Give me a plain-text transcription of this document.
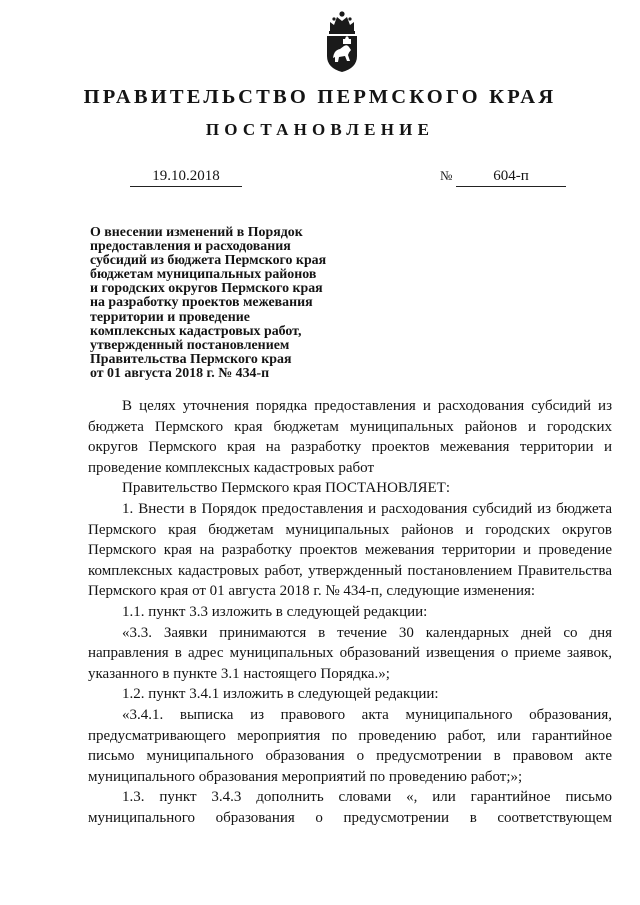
ПРАВИТЕЛЬСТВО ПЕРМСКОГО КРАЯ
ПОСТАНОВЛЕНИЕ
19.10.2018	№	604-п
О внесении изменений в Порядок
предоставления и расходования
субсидий из бюджета Пермского края
бюджетам муниципальных районов
и городских округов Пермского края
на разработку проектов межевания
территории и проведение
комплексных кадастровых работ,
утвержденный постановлением
Правительства Пермского края
от 01 августа 2018 г. № 434-п

В целях уточнения порядка предоставления и расходования субсидий из бюджета Пермского края бюджетам муниципальных районов и городских округов Пермского края на разработку проектов межевания территории и проведение комплексных кадастровых работ

Правительство Пермского края ПОСТАНОВЛЯЕТ:

1. Внести в Порядок предоставления и расходования субсидий из бюджета Пермского края бюджетам муниципальных районов и городских округов Пермского края на разработку проектов межевания территории и проведение комплексных кадастровых работ, утвержденный постановлением Правительства Пермского края от 01 августа 2018 г. № 434-п, следующие изменения:

1.1. пункт 3.3 изложить в следующей редакции:

«3.3. Заявки принимаются в течение 30 календарных дней со дня направления в адрес муниципальных образований извещения о приеме заявок, указанного в пункте 3.1 настоящего Порядка.»;

1.2. пункт 3.4.1 изложить в следующей редакции:

«3.4.1. выписка из правового акта муниципального образования, предусматривающего мероприятия по проведению работ, или гарантийное письмо муниципального образования о предусмотрении в правовом акте муниципального образования мероприятий по проведению работ;»;

1.3. пункт 3.4.3 дополнить словами «, или гарантийное письмо муниципального образования о предусмотрении в соответствующем
